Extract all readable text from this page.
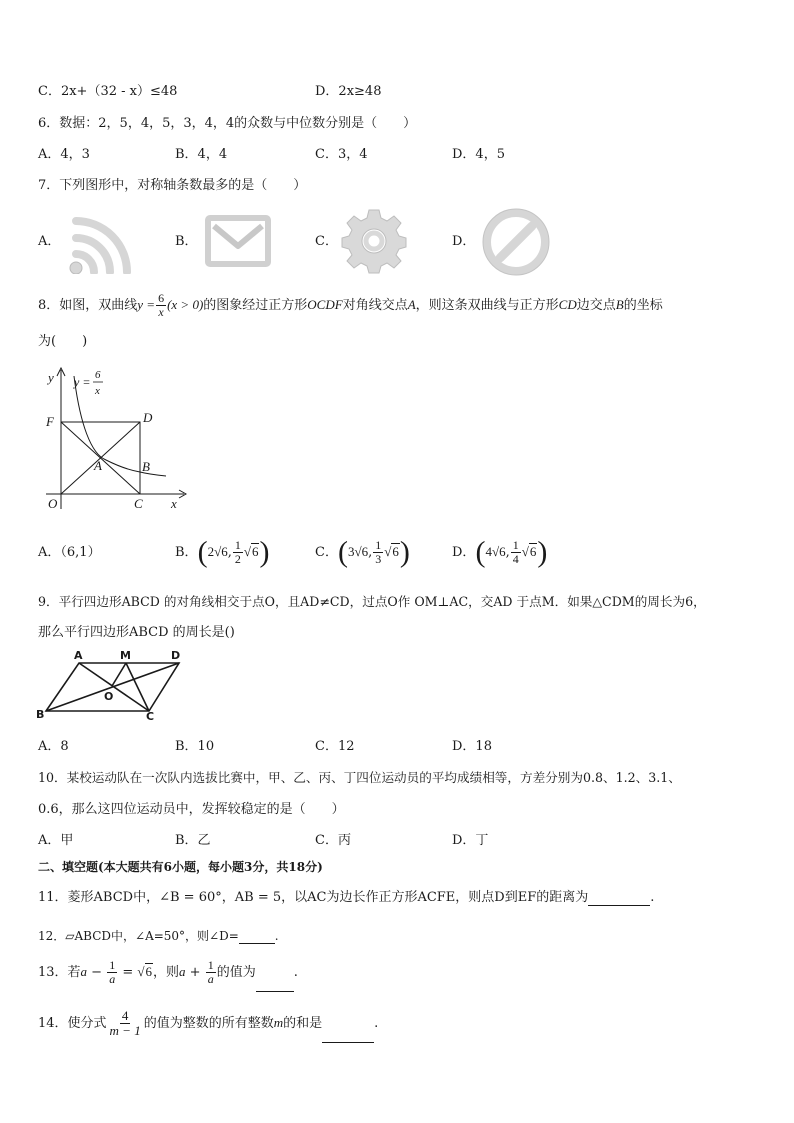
C．2x+（32 - x）≤48	D．2x≥48
6．数据：2，5，4，5，3，4，4的众数与中位数分别是（　　）
A．4，3	B．4，4	C．3，4	D．4，5
7．下列图形中，对称轴条数最多的是（　　）
A．	B．	C．	D．
8．如图，双曲线$y = \frac{6}{x} (x > 0)$的图象经过正方形OCDF对角线交点A，则这条双曲线与正方形CD边交点B的坐标
为(　　)
y
F	D
A	B
O	C x
y = 6
x
A．（6,1）	B．(2√6, $\frac{1}{2} √6$)	C．(3√6, $\frac{1}{3} √6$)	D．(4√6, $\frac{1}{4} √6$)
9．平行四边形ABCD 的对角线相交于点O，且AD≠CD，过点O作 OM⊥AC，交AD 于点M．如果△CDM的周长为6，
那么平行四边形ABCD 的周长是()
A	M	D
O
B	C
A．8	B．10	C．12	D．18
10．某校运动队在一次队内选拔比赛中，甲、乙、丙、丁四位运动员的平均成绩相等，方差分别为0.8、1.2、3.1、
0.6，那么这四位运动员中，发挥较稳定的是（　　）
A．甲	B．乙	C．丙	D．丁
二、填空题(本大题共有6小题，每小题3分，共18分)
11．菱形ABCD中，∠B = 60°，AB = 5，以AC为边长作正方形ACFE，则点D到EF的距离为	.
12．▱ABCD中，∠A=50°，则∠D=	.
13．若$a - \frac{1}{a} = √6$，则$a + \frac{1}{a}$ 的值为	.
14．使分式 $\frac{4}{m - 1}$ 的值为整数的所有整数m的和是	.
